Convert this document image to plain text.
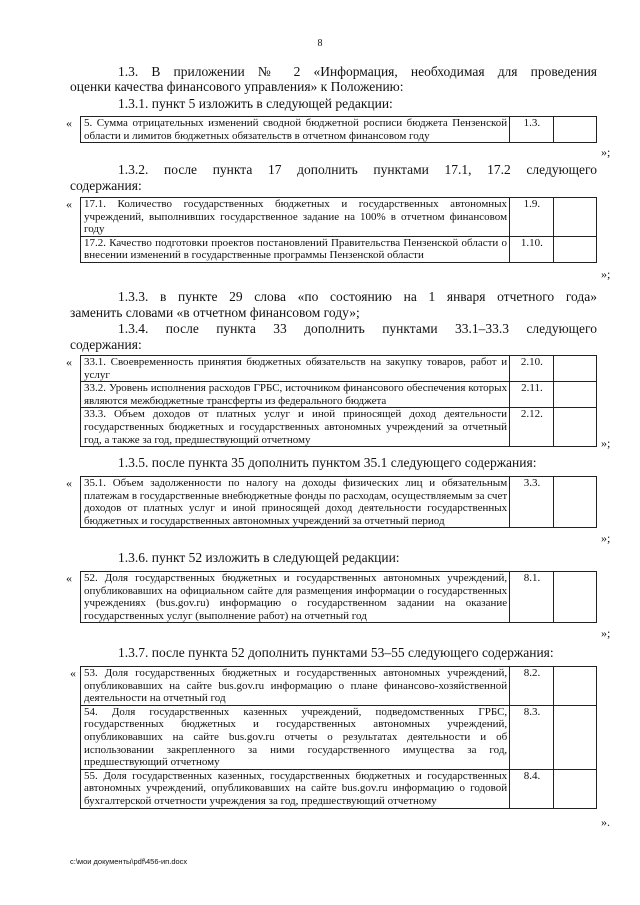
8

1.3. В приложении № 2 «Информация, необходимая для проведения

оценки качества финансового управления» к Положению:

1.3.1. пункт 5 изложить в следующей редакции:

« 5. Сумма отрицательных изменений сводной бюджетной росписи бюджета Пензенской области и лимитов бюджетных обязательств в отчетном финансовом году	1.3.	
»;

1.3.2. после пункта 17 дополнить пунктами 17.1, 17.2 следующего

содержания:

« 17.1. Количество государственных бюджетных и государственных автономных учреждений, выполнивших государственное задание на 100% в отчетном финансовом году	1.9.	
17.2. Качество подготовки проектов постановлений Правительства Пензенской области о внесении изменений в государственные программы Пензенской области	1.10.	
»;

1.3.3. в пункте 29 слова «по состоянию на 1 января отчетного года»

заменить словами «в отчетном финансовом году»;

1.3.4. после пункта 33 дополнить пунктами 33.1–33.3 следующего

содержания:

« 33.1. Своевременность принятия бюджетных обязательств на закупку товаров, работ и услуг	2.10.	
33.2. Уровень исполнения расходов ГРБС, источником финансового обеспечения которых являются межбюджетные трансферты из федерального бюджета	2.11.	
33.3. Объем доходов от платных услуг и иной приносящей доход деятельности государственных бюджетных и государственных автономных учреждений за отчетный год, а также за год, предшествующий отчетному	2.12.	
»;

1.3.5. после пункта 35 дополнить пунктом 35.1 следующего содержания:

« 35.1. Объем задолженности по налогу на доходы физических лиц и обязательным платежам в государственные внебюджетные фонды по расходам, осуществляемым за счет доходов от платных услуг и иной приносящей доход деятельности государственных бюджетных и государственных автономных учреждений за отчетный период	3.3.	
»;

1.3.6. пункт 52 изложить в следующей редакции:

« 52. Доля государственных бюджетных и государственных автономных учреждений, опубликовавших на официальном сайте для размещения информации о государственных учреждениях (bus.gov.ru) информацию о государственном задании на оказание государственных услуг (выполнение работ) на отчетный год	8.1.	
»;

1.3.7. после пункта 52 дополнить пунктами 53–55 следующего содержания:

« 53. Доля государственных бюджетных и государственных автономных учреждений, опубликовавших на сайте bus.gov.ru информацию о плане финансово-хозяйственной деятельности на отчетный год	8.2.	
54. Доля государственных казенных учреждений, подведомственных ГРБС, государственных бюджетных и государственных автономных учреждений, опубликовавших на сайте bus.gov.ru отчеты о результатах деятельности и об использовании закрепленного за ними государственного имущества за год, предшествующий отчетному	8.3.	
55. Доля государственных казенных, государственных бюджетных и государственных автономных учреждений, опубликовавших на сайте bus.gov.ru информацию о годовой бухгалтерской отчетности учреждения за год, предшествующий отчетному	8.4.	
».
c:\мои документы\pdf\456-ип.docx
